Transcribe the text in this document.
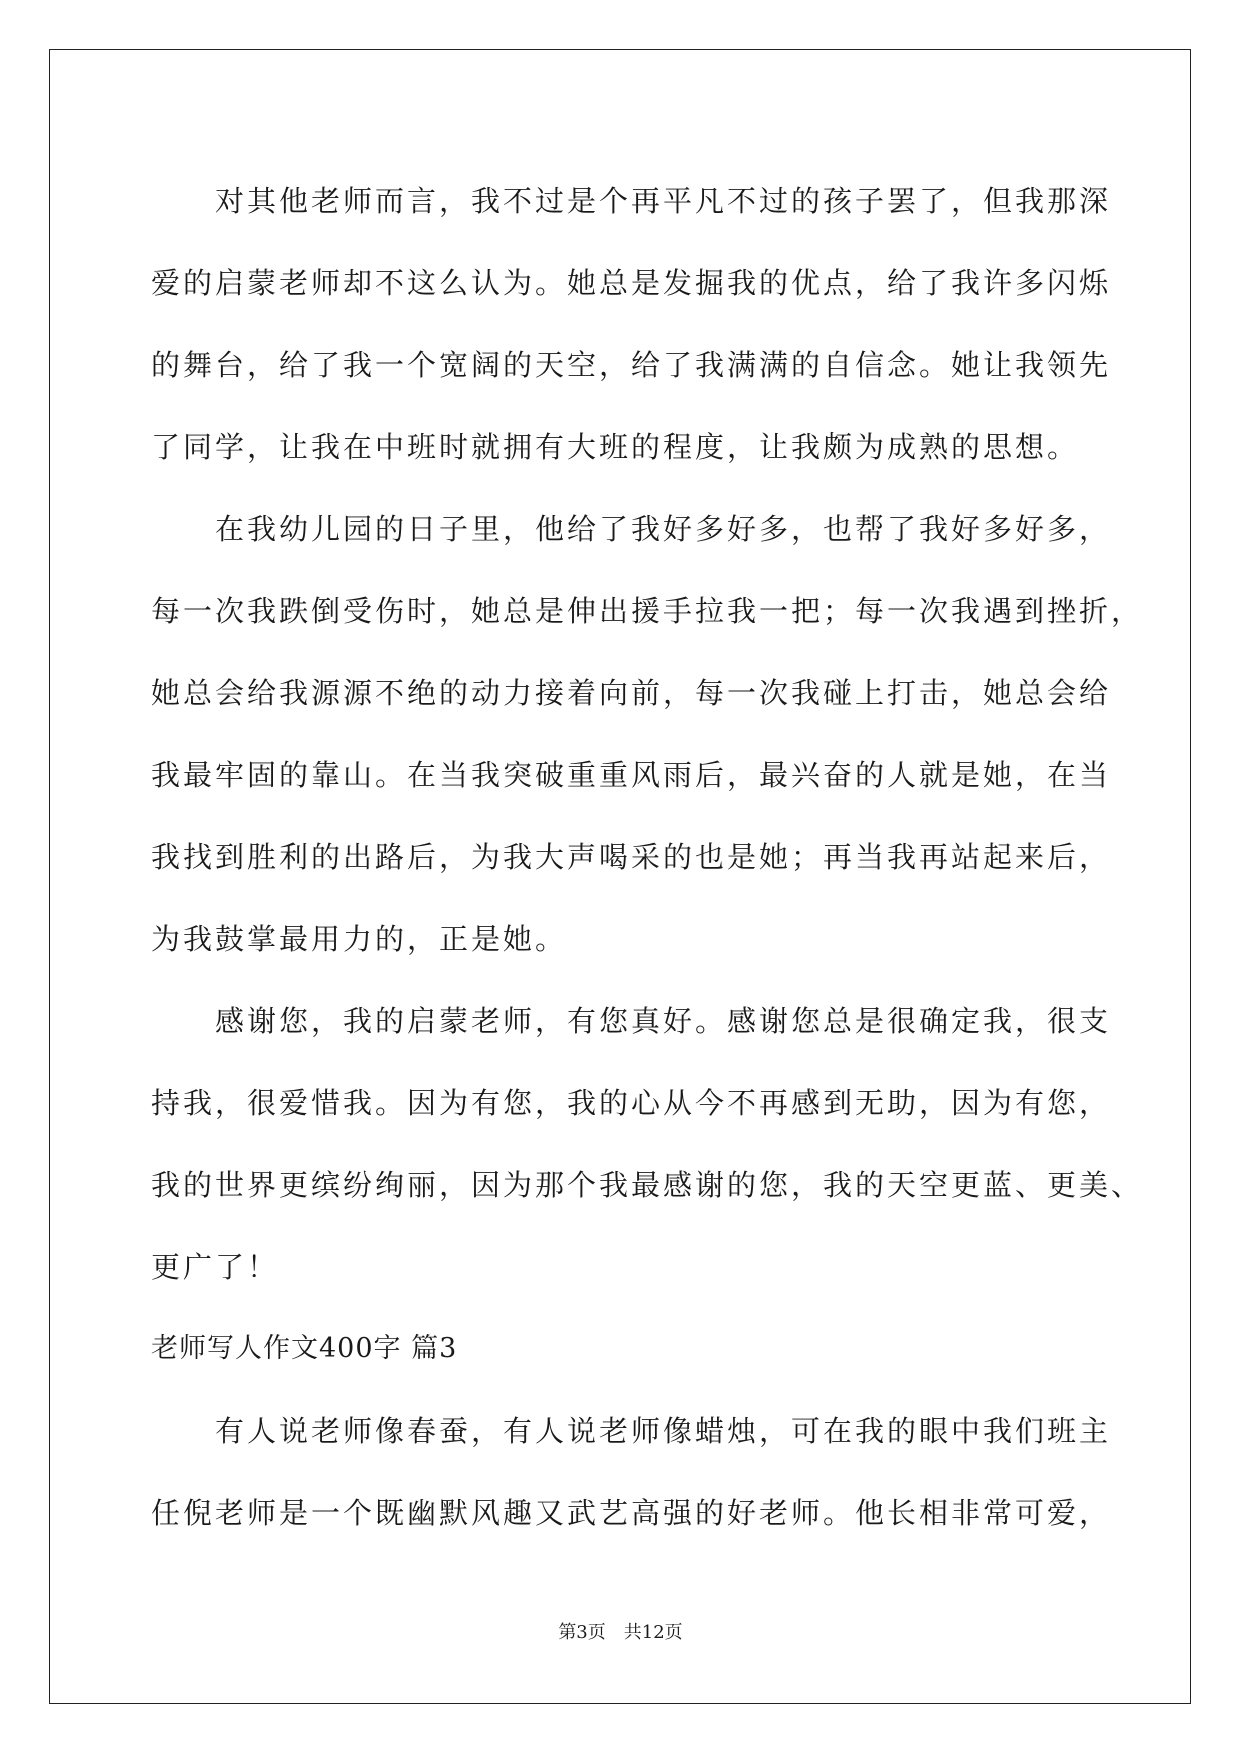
对其他老师而言，我不过是个再平凡不过的孩子罢了，但我那深
爱的启蒙老师却不这么认为。她总是发掘我的优点，给了我许多闪烁
的舞台，给了我一个宽阔的天空，给了我满满的自信念。她让我领先
了同学，让我在中班时就拥有大班的程度，让我颇为成熟的思想。
在我幼儿园的日子里，他给了我好多好多，也帮了我好多好多，
每一次我跌倒受伤时，她总是伸出援手拉我一把；每一次我遇到挫折，
她总会给我源源不绝的动力接着向前，每一次我碰上打击，她总会给
我最牢固的靠山。在当我突破重重风雨后，最兴奋的人就是她，在当
我找到胜利的出路后，为我大声喝采的也是她；再当我再站起来后，
为我鼓掌最用力的，正是她。
感谢您，我的启蒙老师，有您真好。感谢您总是很确定我，很支
持我，很爱惜我。因为有您，我的心从今不再感到无助，因为有您，
我的世界更缤纷绚丽，因为那个我最感谢的您，我的天空更蓝、更美、
更广了！
老师写人作文400字 篇3
有人说老师像春蚕，有人说老师像蜡烛，可在我的眼中我们班主
任倪老师是一个既幽默风趣又武艺高强的好老师。他长相非常可爱，
第3页 共12页
